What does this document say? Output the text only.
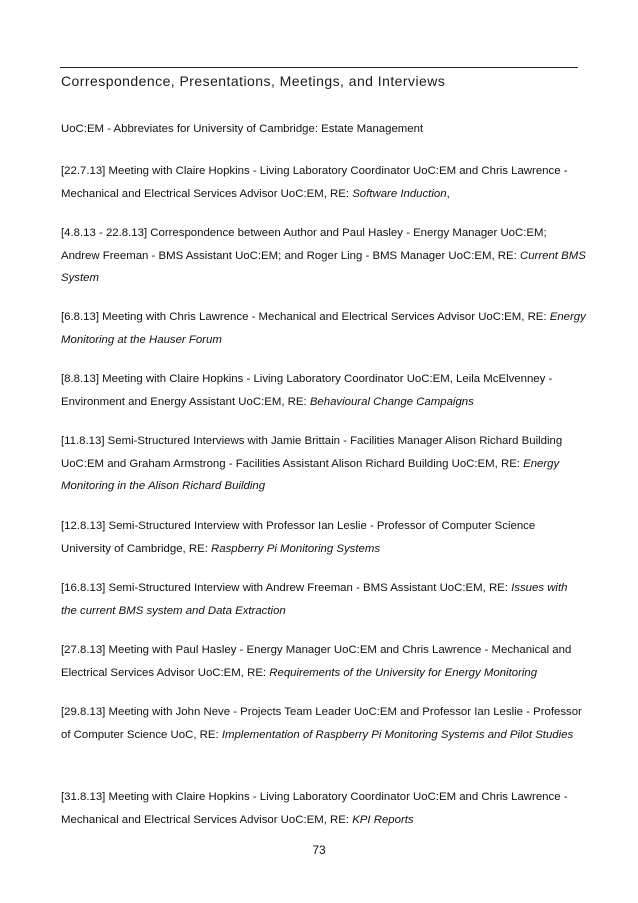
Correspondence, Presentations, Meetings, and Interviews
UoC:EM - Abbreviates for University of Cambridge: Estate Management
[22.7.13] Meeting with Claire Hopkins - Living Laboratory Coordinator UoC:EM and Chris Lawrence - Mechanical and Electrical Services Advisor UoC:EM, RE: Software Induction,
[4.8.13 - 22.8.13] Correspondence between Author and Paul Hasley - Energy Manager UoC:EM; Andrew Freeman - BMS Assistant UoC:EM; and Roger Ling - BMS Manager UoC:EM, RE: Current BMS System
[6.8.13] Meeting with Chris Lawrence - Mechanical and Electrical Services Advisor UoC:EM, RE: Energy Monitoring at the Hauser Forum
[8.8.13] Meeting with Claire Hopkins - Living Laboratory Coordinator UoC:EM, Leila McElvenney - Environment and Energy Assistant UoC:EM, RE: Behavioural Change Campaigns
[11.8.13] Semi-Structured Interviews with Jamie Brittain - Facilities Manager Alison Richard Building UoC:EM and Graham Armstrong - Facilities Assistant Alison Richard Building UoC:EM, RE: Energy Monitoring in the Alison Richard Building
[12.8.13] Semi-Structured Interview with Professor Ian Leslie - Professor of Computer Science University of Cambridge, RE: Raspberry Pi Monitoring Systems
[16.8.13] Semi-Structured Interview with Andrew Freeman - BMS Assistant UoC:EM, RE: Issues with the current BMS system and Data Extraction
[27.8.13] Meeting with Paul Hasley - Energy Manager UoC:EM and Chris Lawrence - Mechanical and Electrical Services Advisor UoC:EM, RE: Requirements of the University for Energy Monitoring
[29.8.13] Meeting with John Neve - Projects Team Leader UoC:EM and Professor Ian Leslie - Professor of Computer Science UoC, RE: Implementation of Raspberry Pi Monitoring Systems and Pilot Studies
[31.8.13] Meeting with Claire Hopkins - Living Laboratory Coordinator UoC:EM and Chris Lawrence - Mechanical and Electrical Services Advisor UoC:EM, RE: KPI Reports
73
